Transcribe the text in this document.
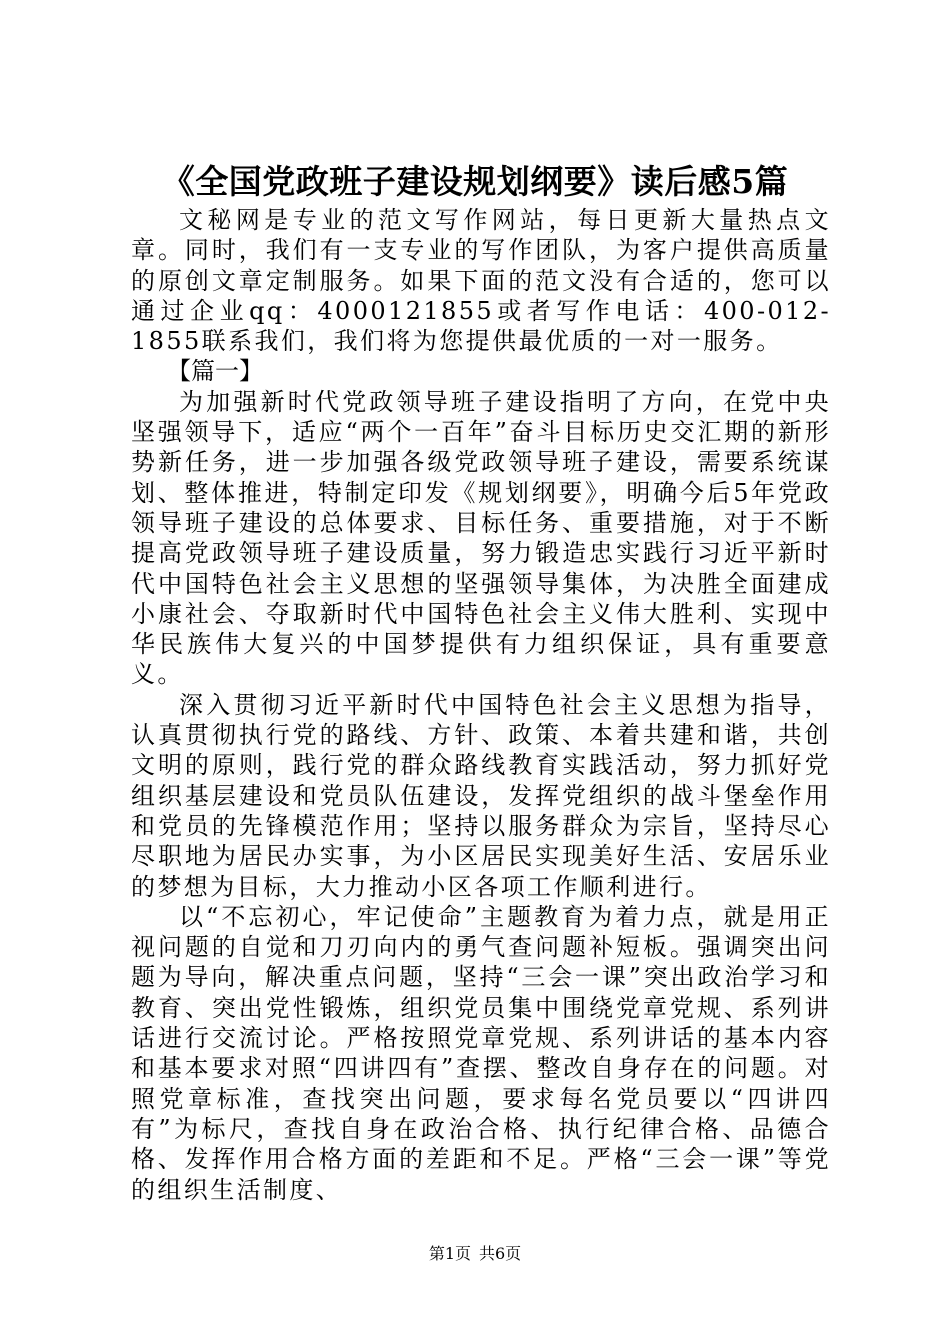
《全国党政班子建设规划纲要》读后感5篇

文秘网是专业的范文写作网站，每日更新大量热点文章。同时，我们有一支专业的写作团队，为客户提供高质量的原创文章定制服务。如果下面的范文没有合适的，您可以通过企业qq：4000121855或者写作电话：400-012-1855联系我们，我们将为您提供最优质的一对一服务。

【篇一】

为加强新时代党政领导班子建设指明了方向，在党中央坚强领导下，适应“两个一百年”奋斗目标历史交汇期的新形势新任务，进一步加强各级党政领导班子建设，需要系统谋划、整体推进，特制定印发《规划纲要》，明确今后5年党政领导班子建设的总体要求、目标任务、重要措施，对于不断提高党政领导班子建设质量，努力锻造忠实践行习近平新时代中国特色社会主义思想的坚强领导集体，为决胜全面建成小康社会、夺取新时代中国特色社会主义伟大胜利、实现中华民族伟大复兴的中国梦提供有力组织保证，具有重要意义。

深入贯彻习近平新时代中国特色社会主义思想为指导，认真贯彻执行党的路线、方针、政策、本着共建和谐，共创文明的原则，践行党的群众路线教育实践活动，努力抓好党组织基层建设和党员队伍建设，发挥党组织的战斗堡垒作用和党员的先锋模范作用；坚持以服务群众为宗旨，坚持尽心尽职地为居民办实事，为小区居民实现美好生活、安居乐业的梦想为目标，大力推动小区各项工作顺利进行。

以“不忘初心，牢记使命”主题教育为着力点，就是用正视问题的自觉和刀刃向内的勇气查问题补短板。强调突出问题为导向，解决重点问题，坚持“三会一课”突出政治学习和教育、突出党性锻炼，组织党员集中围绕党章党规、系列讲话进行交流讨论。严格按照党章党规、系列讲话的基本内容和基本要求对照“四讲四有”查摆、整改自身存在的问题。对照党章标准，查找突出问题，要求每名党员要以“四讲四有”为标尺，查找自身在政治合格、执行纪律合格、品德合格、发挥作用合格方面的差距和不足。严格“三会一课”等党的组织生活制度、

第1页 共6页
